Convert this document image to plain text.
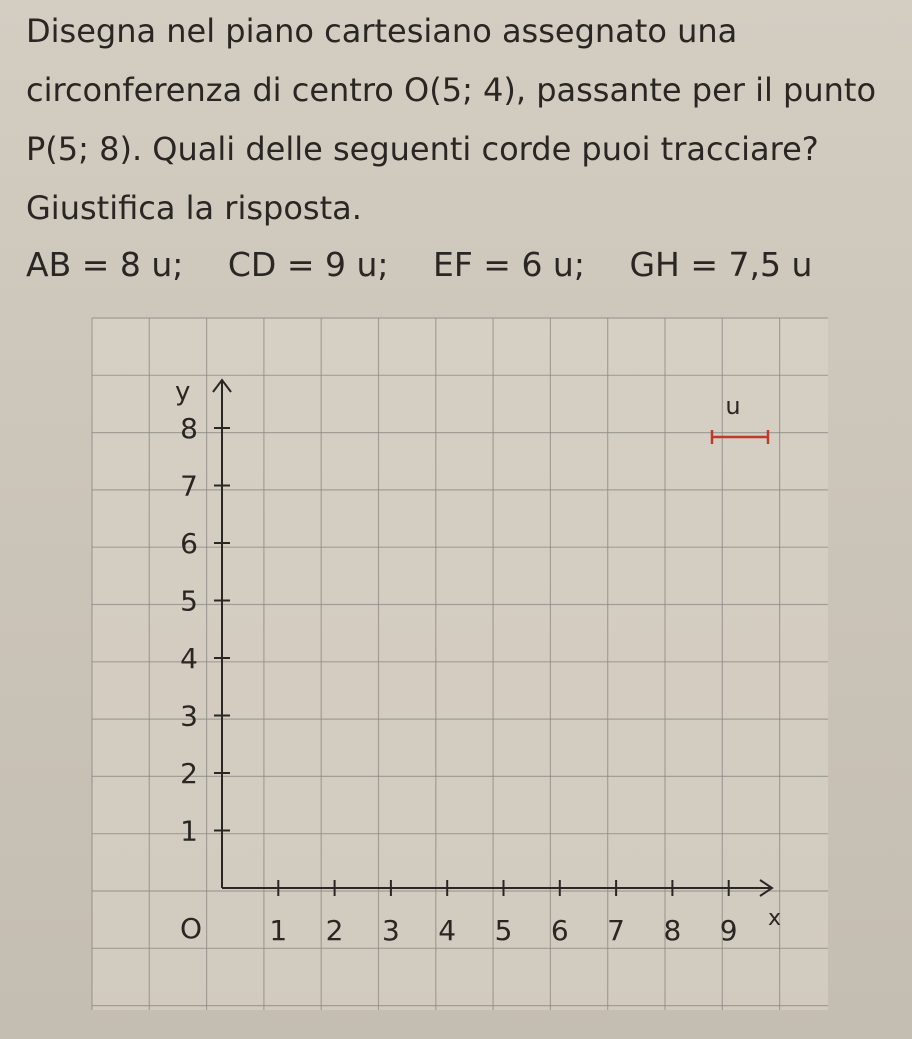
Disegna nel piano cartesiano assegnato una circonferenza di centro O(5; 4), passante per il punto P(5; 8). Quali delle seguenti corde puoi tracciare? Giustifica la risposta.

AB = 8 u; CD = 9 u; EF = 6 u; GH = 7,5 u
y
x
O 1 2 3 4 5 6 7 8 9
1
2
3
4
5
6
7
8
u
